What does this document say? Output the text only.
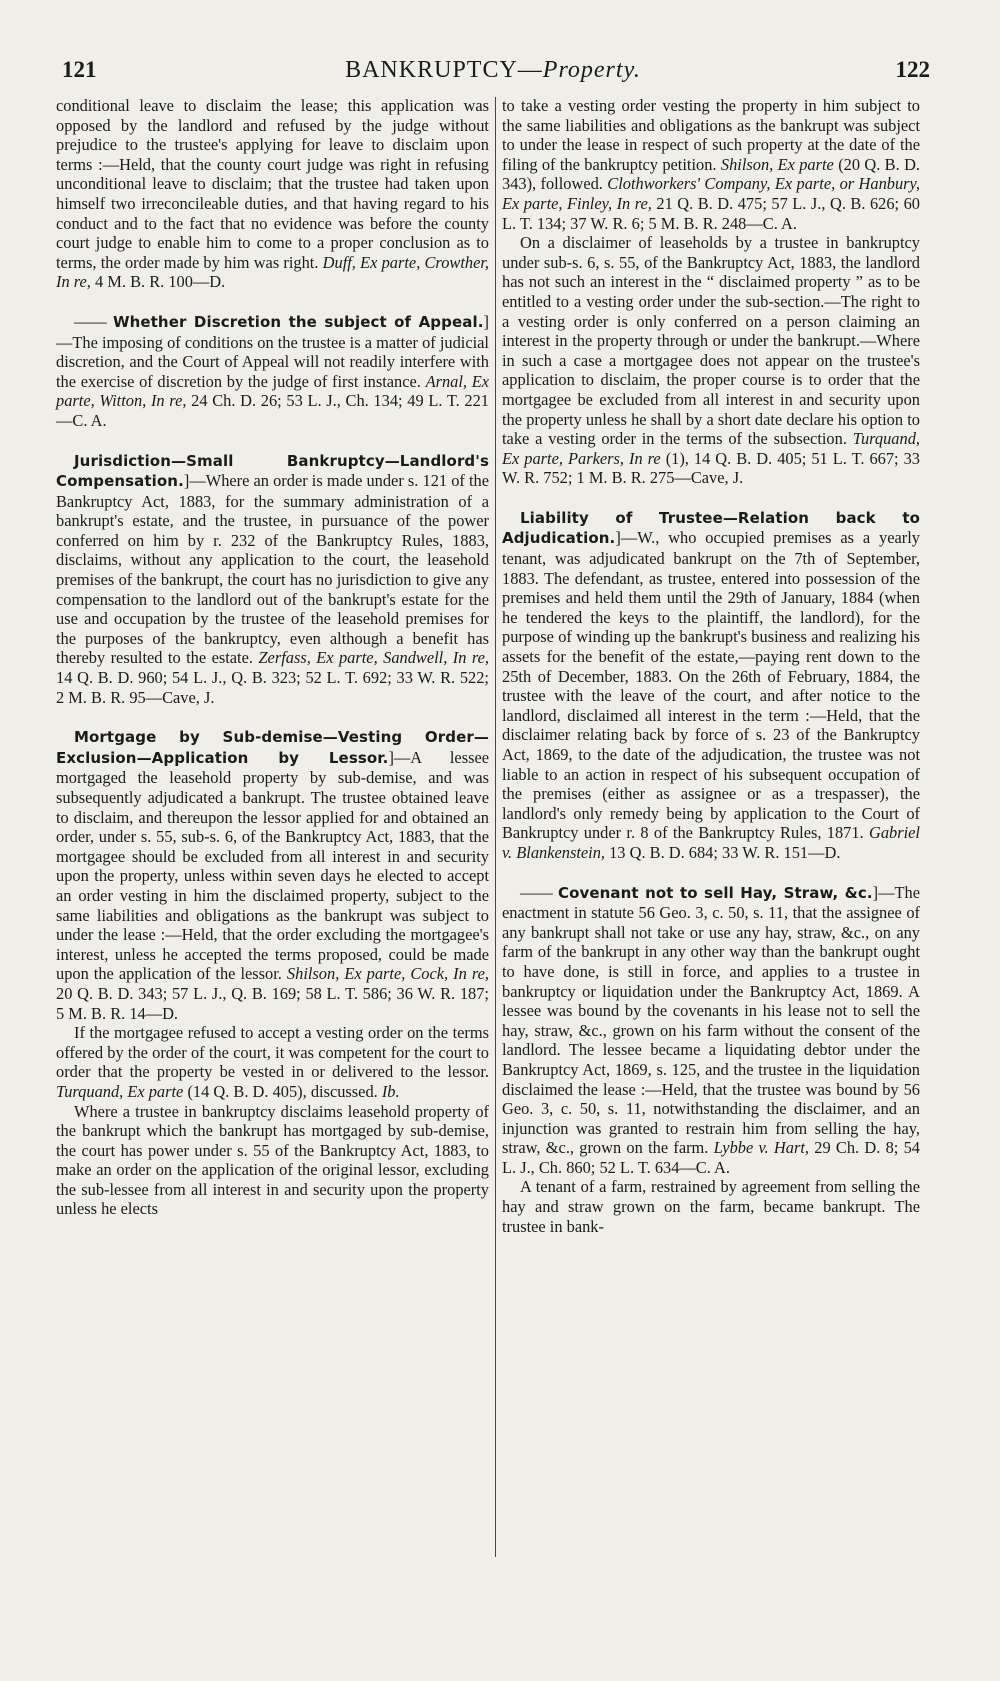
121	BANKRUPTCY—Property.	122

conditional leave to disclaim the lease; this application was opposed by the landlord and refused by the judge without prejudice to the trustee's applying for leave to disclaim upon terms :—Held, that the county court judge was right in refusing unconditional leave to disclaim; that the trustee had taken upon himself two irreconcileable duties, and that having regard to his conduct and to the fact that no evidence was before the county court judge to enable him to come to a proper conclusion as to terms, the order made by him was right. Duff, Ex parte, Crowther, In re, 4 M. B. R. 100—D.

—— Whether Discretion the subject of Appeal.]—The imposing of conditions on the trustee is a matter of judicial discretion, and the Court of Appeal will not readily interfere with the exercise of discretion by the judge of first instance. Arnal, Ex parte, Witton, In re, 24 Ch. D. 26; 53 L. J., Ch. 134; 49 L. T. 221—C. A.

Jurisdiction—Small Bankruptcy—Landlord's Compensation.]—Where an order is made under s. 121 of the Bankruptcy Act, 1883, for the summary administration of a bankrupt's estate, and the trustee, in pursuance of the power conferred on him by r. 232 of the Bankruptcy Rules, 1883, disclaims, without any application to the court, the leasehold premises of the bankrupt, the court has no jurisdiction to give any compensation to the landlord out of the bankrupt's estate for the use and occupation by the trustee of the leasehold premises for the purposes of the bankruptcy, even although a benefit has thereby resulted to the estate. Zerfass, Ex parte, Sandwell, In re, 14 Q. B. D. 960; 54 L. J., Q. B. 323; 52 L. T. 692; 33 W. R. 522; 2 M. B. R. 95—Cave, J.

Mortgage by Sub-demise—Vesting Order—Exclusion—Application by Lessor.]—A lessee mortgaged the leasehold property by sub-demise, and was subsequently adjudicated a bankrupt. The trustee obtained leave to disclaim, and thereupon the lessor applied for and obtained an order, under s. 55, sub-s. 6, of the Bankruptcy Act, 1883, that the mortgagee should be excluded from all interest in and security upon the property, unless within seven days he elected to accept an order vesting in him the disclaimed property, subject to the same liabilities and obligations as the bankrupt was subject to under the lease :—Held, that the order excluding the mortgagee's interest, unless he accepted the terms proposed, could be made upon the application of the lessor. Shilson, Ex parte, Cock, In re, 20 Q. B. D. 343; 57 L. J., Q. B. 169; 58 L. T. 586; 36 W. R. 187; 5 M. B. R. 14—D.

If the mortgagee refused to accept a vesting order on the terms offered by the order of the court, it was competent for the court to order that the property be vested in or delivered to the lessor. Turquand, Ex parte (14 Q. B. D. 405), discussed. Ib.

Where a trustee in bankruptcy disclaims leasehold property of the bankrupt which the bankrupt has mortgaged by sub-demise, the court has power under s. 55 of the Bankruptcy Act, 1883, to make an order on the application of the original lessor, excluding the sub-lessee from all interest in and security upon the property unless he elects

to take a vesting order vesting the property in him subject to the same liabilities and obligations as the bankrupt was subject to under the lease in respect of such property at the date of the filing of the bankruptcy petition. Shilson, Ex parte (20 Q. B. D. 343), followed. Clothworkers' Company, Ex parte, or Hanbury, Ex parte, Finley, In re, 21 Q. B. D. 475; 57 L. J., Q. B. 626; 60 L. T. 134; 37 W. R. 6; 5 M. B. R. 248—C. A.

On a disclaimer of leaseholds by a trustee in bankruptcy under sub-s. 6, s. 55, of the Bankruptcy Act, 1883, the landlord has not such an interest in the “ disclaimed property ” as to be entitled to a vesting order under the sub-section.—The right to a vesting order is only conferred on a person claiming an interest in the property through or under the bankrupt.—Where in such a case a mortgagee does not appear on the trustee's application to disclaim, the proper course is to order that the mortgagee be excluded from all interest in and security upon the property unless he shall by a short date declare his option to take a vesting order in the terms of the subsection. Turquand, Ex parte, Parkers, In re (1), 14 Q. B. D. 405; 51 L. T. 667; 33 W. R. 752; 1 M. B. R. 275—Cave, J.

Liability of Trustee—Relation back to Adjudication.]—W., who occupied premises as a yearly tenant, was adjudicated bankrupt on the 7th of September, 1883. The defendant, as trustee, entered into possession of the premises and held them until the 29th of January, 1884 (when he tendered the keys to the plaintiff, the landlord), for the purpose of winding up the bankrupt's business and realizing his assets for the benefit of the estate,—paying rent down to the 25th of December, 1883. On the 26th of February, 1884, the trustee with the leave of the court, and after notice to the landlord, disclaimed all interest in the term :—Held, that the disclaimer relating back by force of s. 23 of the Bankruptcy Act, 1869, to the date of the adjudication, the trustee was not liable to an action in respect of his subsequent occupation of the premises (either as assignee or as a trespasser), the landlord's only remedy being by application to the Court of Bankruptcy under r. 8 of the Bankruptcy Rules, 1871. Gabriel v. Blankenstein, 13 Q. B. D. 684; 33 W. R. 151—D.

—— Covenant not to sell Hay, Straw, &c.]—The enactment in statute 56 Geo. 3, c. 50, s. 11, that the assignee of any bankrupt shall not take or use any hay, straw, &c., on any farm of the bankrupt in any other way than the bankrupt ought to have done, is still in force, and applies to a trustee in bankruptcy or liquidation under the Bankruptcy Act, 1869. A lessee was bound by the covenants in his lease not to sell the hay, straw, &c., grown on his farm without the consent of the landlord. The lessee became a liquidating debtor under the Bankruptcy Act, 1869, s. 125, and the trustee in the liquidation disclaimed the lease :—Held, that the trustee was bound by 56 Geo. 3, c. 50, s. 11, notwithstanding the disclaimer, and an injunction was granted to restrain him from selling the hay, straw, &c., grown on the farm. Lybbe v. Hart, 29 Ch. D. 8; 54 L. J., Ch. 860; 52 L. T. 634—C. A.

A tenant of a farm, restrained by agreement from selling the hay and straw grown on the farm, became bankrupt. The trustee in bank-
